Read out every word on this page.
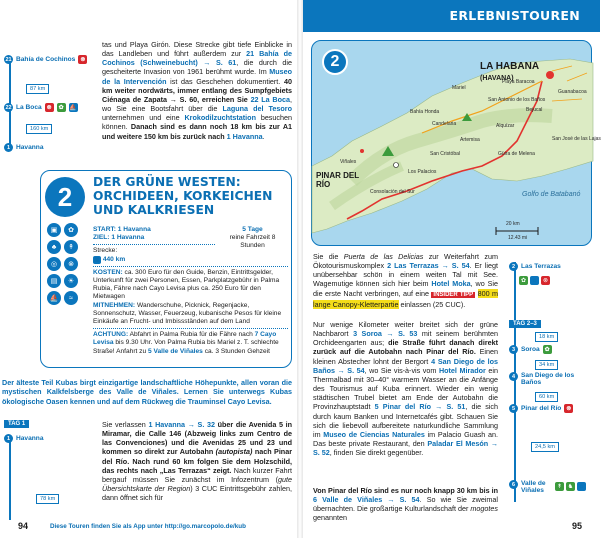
21 Bahía de Cochinos ⊗
87 km
22 La Boca ⊗	✿ ⛵
160 km
1 Havanna
tas und Playa Girón. Diese Strecke gibt tiefe Einblicke in das Landleben und führt außerdem zur 21 Bahía de Cochinos (Schweinebucht) → S. 61, die durch die gescheiterte Invasion von 1961 berühmt wurde. Im Museo de la Intervención ist das Geschehen dokumentiert. 40 km weiter nordwärts, immer entlang des Sumpfgebiets Ciénaga de Zapata → S. 60, erreichen Sie 22 La Boca, wo Sie eine Bootsfahrt über die Laguna del Tesoro unternehmen und eine Krokodilzuchtstation besuchen können. Danach sind es dann noch 18 km bis zur A1 und weitere 150 km bis zurück nach 1 Havanna.
2	DER GRÜNE WESTEN: ORCHIDEEN, KORKEICHEN UND KALKRIESEN
▣	✿
♣	↟
◎	⊗
▤	☀
⛵	≈
START: 1 Havanna
ZIEL: 1 Havanna
Strecke:
▣ 440 km
KOSTEN: ca. 300 Euro für den Guide, Benzin, Eintrittsgelder, Unterkunft für zwei Personen, Essen, Parkplatzgebühr in Palma Rubia, Fähre nach Cayo Levisa plus ca. 250 Euro für den Mietwagen
MITNEHMEN: Wanderschuhe, Picknick, Regenjacke, Sonnenschutz, Wasser, Feuerzeug, kubanische Pesos für kleine Einkäufe an Frucht- und Imbissständen auf dem Land
ACHTUNG: Abfahrt in Palma Rubia für die Fähre nach 7 Cayo Levisa bis 9.30 Uhr. Von Palma Rubia bis Mariel z. T. schlechte Straße! Anfahrt zu 5 Valle de Viñales ca. 3 Stunden Gehzeit
5 Tage
reine Fahrzeit 8 Stunden
Der älteste Teil Kubas birgt einzigartige landschaftliche Höhepunkte, allen voran die mystischen Kalkfelsberge des Valle de Viñales. Lernen Sie unterwegs Kubas ökologische Oasen kennen und auf dem Rückweg die Trauminsel Cayo Levisa.
TAG 1
1 Havanna
78 km
Sie verlassen 1 Havanna → S. 32 über die Avenida 5 in Miramar, die Calle 146 (Abzweig links zum Centro de las Convenciones) und die Avenidas 25 und 23 und kommen so direkt zur Autobahn (autopista) nach Pinar del Río. Nach rund 60 km folgen Sie dem Holzschild, das rechts nach „Las Terrazas“ zeigt. Nach kurzer Fahrt bergauf müssen Sie zunächst im Infozentrum (gute Übersichtskarte der Region) 3 CUC Eintrittsgebühr zahlen, dann öffnet sich für
94	Diese Touren finden Sie als App unter http://go.marcopolo.de/kub
ERLEBNISTOUREN
2	LA HABANA
(HAVANA)
PINAR DEL RÍO
Golfo de Batabanó
20 km
12.43 mi
Guanabacoa
San José de las Lajas
Güira de Melena
Artemisa
San Cristóbal
Los Palacios
Consolación del Sur
Viñales
Alquízar
Bejucal
San Antonio de los Baños
Mariel
Bahía Honda
Candelaria
Playa Baracoa
Sie die Puerta de las Delicias zur Weiterfahrt zum Ökotourismuskomplex 2 Las Terrazas → S. 54. Er liegt unübersehbar schön in einem weiten Tal mit See. Wagemutige können sich hier beim Hotel Moka, wo Sie die erste Nacht verbringen, auf eine INSIDER TIPP 800 m lange Canopy-Kletterpartie einlassen (25 CUC).
Nur wenige Kilometer weiter breitet sich der grüne Nachbarort 3 Soroa → S. 53 mit seinem berühmten Orchideengarten aus; die Straße führt danach direkt zurück auf die Autobahn nach Pinar del Río. Einen kleinen Abstecher lohnt der Bergort 4 San Diego de los Baños → S. 54, wo Sie vis-à-vis vom Hotel Mirador ein Thermalbad mit 30–40° warmem Wasser an die Anfänge des Tourismus auf Kuba erinnert. Wieder ein wenig städtischen Trubel bietet am Ende der Autobahn die Provinzhauptstadt 5 Pinar del Río → S. 51, die sich durch kaum Banken und Internetcafés gibt. Schauen Sie sich die liebevoll aufbereitete naturkundliche Sammlung im Museo de Ciencias Naturales im Palacio Guash an. Das beste private Restaurant, den Paladar El Mesón → S. 52, finden Sie direkt gegenüber.
Von Pinar del Río sind es nur noch knapp 30 km bis in 6 Valle de Viñales → S. 54. So wie Sie zweimal übernachten. Die großartige Kulturlandschaft der mogotes genannten
2 Las Terrazas
✿	⌂	⊗
TAG 2–3
18 km
3 Soroa ✿
34 km
4 San Diego de los Baños
60 km
5 Pinar del Río ⊗
24,5 km
6 Valle de Viñales	↟ ♞	⌂
95
